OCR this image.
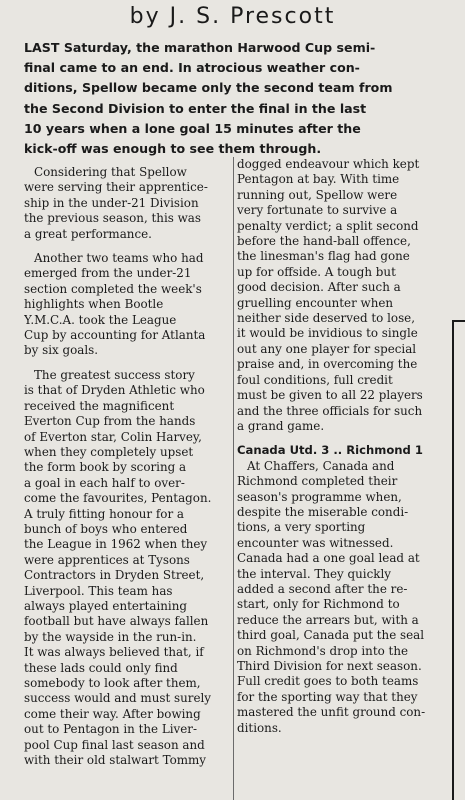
by J. S. Prescott
LAST Saturday, the marathon Harwood Cup semi-
final came to an end. In atrocious weather con-
ditions, Spellow became only the second team from
the Second Division to enter the final in the last
10 years when a lone goal 15 minutes after the
kick-off was enough to see them through.
Considering that Spellow
were serving their apprentice-
ship in the under-21 Division
the previous season, this was
a great performance.
Another two teams who had
emerged from the under-21
section completed the week's
highlights when Bootle
Y.M.C.A. took the League
Cup by accounting for Atlanta
by six goals.
The greatest success story
is that of Dryden Athletic who
received the magnificent
Everton Cup from the hands
of Everton star, Colin Harvey,
when they completely upset
the form book by scoring a
a goal in each half to over-
come the favourites, Pentagon.
A truly fitting honour for a
bunch of boys who entered
the League in 1962 when they
were apprentices at Tysons
Contractors in Dryden Street,
Liverpool. This team has
always played entertaining
football but have always fallen
by the wayside in the run-in.
It was always believed that, if
these lads could only find
somebody to look after them,
success would and must surely
come their way. After bowing
out to Pentagon in the Liver-
pool Cup final last season and
with their old stalwart Tommy
dogged endeavour which kept
Pentagon at bay. With time
running out, Spellow were
very fortunate to survive a
penalty verdict; a split second
before the hand-ball offence,
the linesman's flag had gone
up for offside. A tough but
good decision. After such a
gruelling encounter when
neither side deserved to lose,
it would be invidious to single
out any one player for special
praise and, in overcoming the
foul conditions, full credit
must be given to all 22 players
and the three officials for such
a grand game.
Canada Utd. 3 .. Richmond 1
At Chaffers, Canada and
Richmond completed their
season's programme when,
despite the miserable condi-
tions, a very sporting
encounter was witnessed.
Canada had a one goal lead at
the interval. They quickly
added a second after the re-
start, only for Richmond to
reduce the arrears but, with a
third goal, Canada put the seal
on Richmond's drop into the
Third Division for next season.
Full credit goes to both teams
for the sporting way that they
mastered the unfit ground con-
ditions.
